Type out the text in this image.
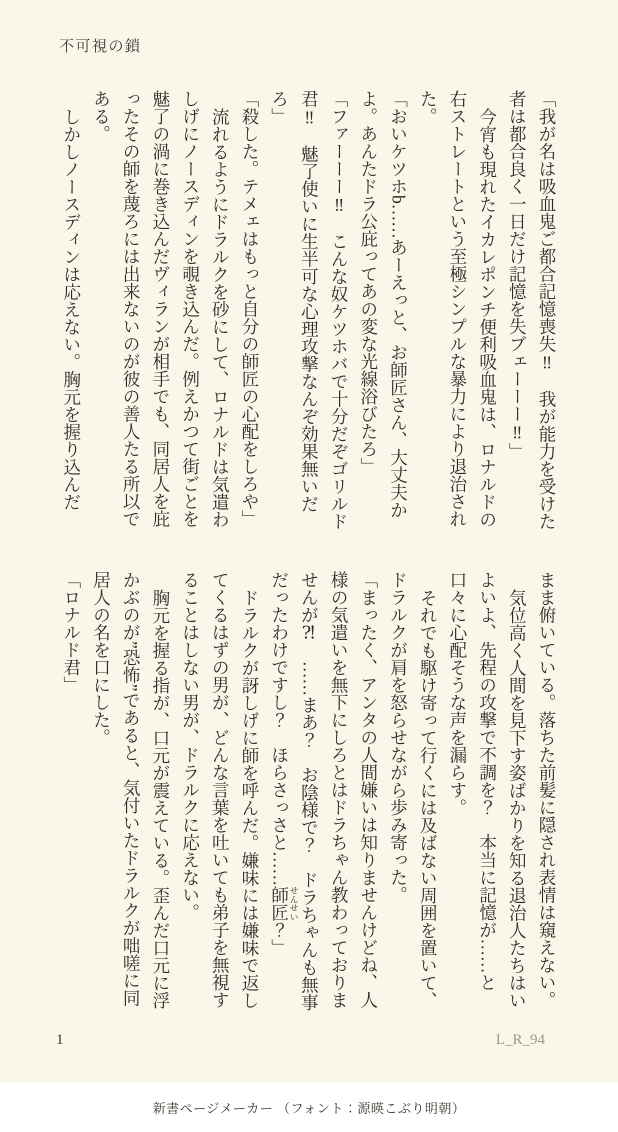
不可視の鎖

「我が名は吸血鬼ご都合記憶喪失‼　我が能力を受けた者は都合良く一日だけ記憶を失ブェーーー‼」

今宵も現れたイカレポンチ便利吸血鬼は、ロナルドの右ストレートという至極シンプルな暴力により退治された。

「おいケツホb……あーえっと、お師匠さん、大丈夫かよ。あんたドラ公庇ってあの変な光線浴びたろ」

「ファーーー‼　こんな奴ケツホバで十分だぞゴリルド君‼　魅了使いに生半可な心理攻撃なんぞ効果無いだろ」

「殺した。テメェはもっと自分の師匠の心配をしろや」

流れるようにドラルクを砂にして、ロナルドは気遣わしげにノースディンを覗き込んだ。例えかつて街ごとを魅了の渦に巻き込んだヴィランが相手でも、同居人を庇ったその師を蔑ろには出来ないのが彼の善人たる所以である。

しかしノースディンは応えない。胸元を握り込んだ

まま俯いている。落ちた前髪に隠され表情は窺えない。

気位高く人間を見下す姿ばかりを知る退治人たちはいよいよ、先程の攻撃で不調を？　本当に記憶が……と口々に心配そうな声を漏らす。

それでも駆け寄って行くには及ばない周囲を置いて、ドラルクが肩を怒らせながら歩み寄った。

「まったく、アンタの人間嫌いは知りませんけどね、人様の気遣いを無下にしろとはドラちゃん教わっておりませんが⁈　……まあ？　お陰様で？　ドラちゃんも無事だったわけですし？　ほらさっさと……師匠 せんせい？」

ドラルクが訝しげに師を呼んだ。嫌味には嫌味で返してくるはずの男が、どんな言葉を吐いても弟子を無視することはしない男が、ドラルクに応えない。

胸元を握る指が、口元が震えている。歪んだ口元に浮かぶのが”恐怖”であると、気付いたドラルクが咄嗟に同居人の名を口にした。

「ロナルド君」

1	L_R_94
新書ページメーカー （フォント：源暎こぶり明朝）
